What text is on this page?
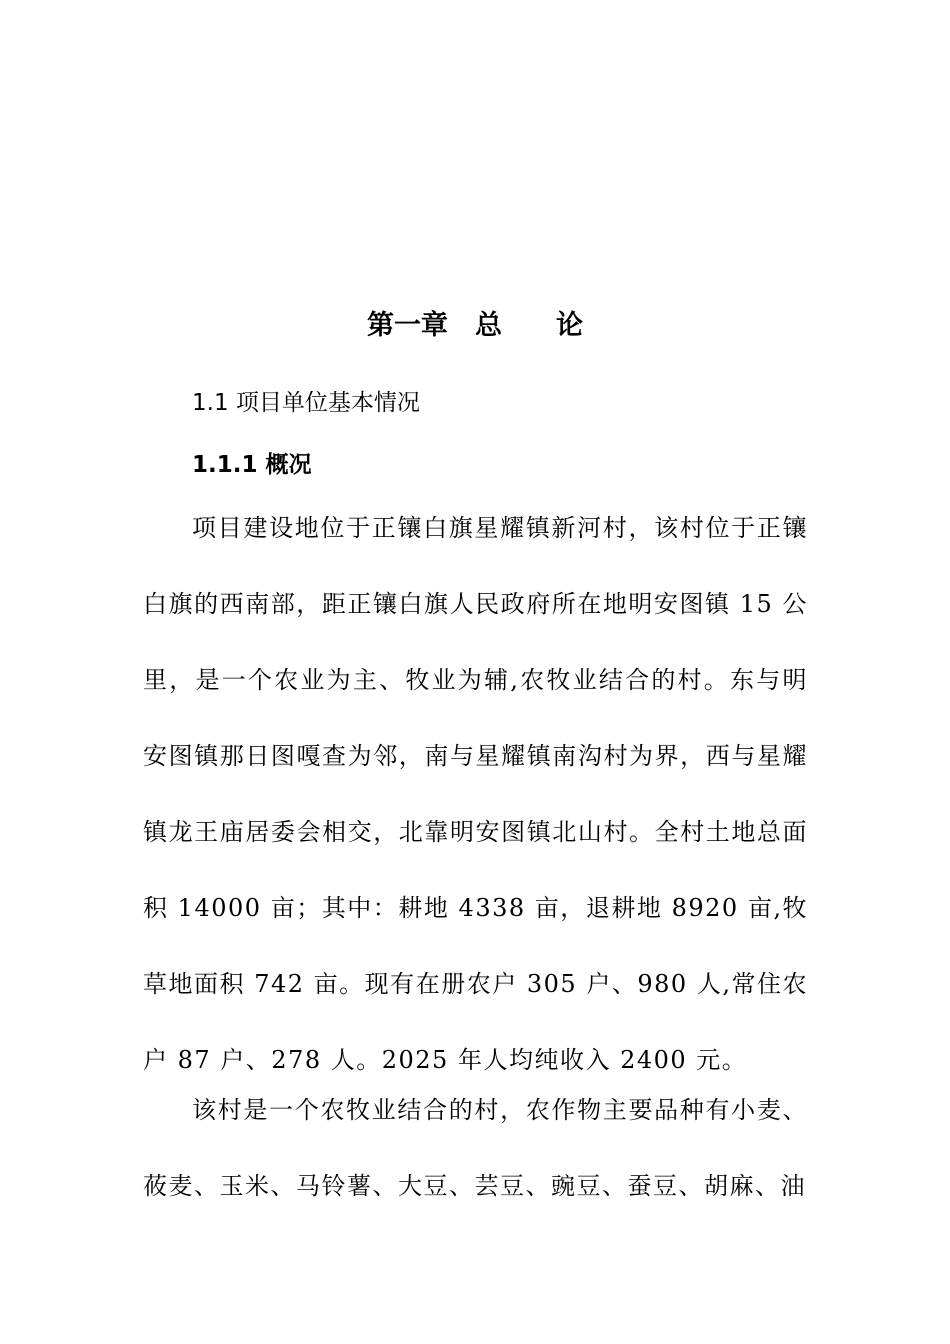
第一章　总　　论
1.1 项目单位基本情况
1.1.1 概况

项目建设地位于正镶白旗星耀镇新河村，该村位于正镶白旗的西南部，距正镶白旗人民政府所在地明安图镇 15 公里，是一个农业为主、牧业为辅,农牧业结合的村。东与明安图镇那日图嘎查为邻，南与星耀镇南沟村为界，西与星耀镇龙王庙居委会相交，北靠明安图镇北山村。全村土地总面积 14000 亩；其中：耕地 4338 亩，退耕地 8920 亩,牧草地面积 742 亩。现有在册农户 305 户、980 人,常住农户 87 户、278 人。2025 年人均纯收入 2400 元。

该村是一个农牧业结合的村，农作物主要品种有小麦、莜麦、玉米、马铃薯、大豆、芸豆、豌豆、蚕豆、胡麻、油
